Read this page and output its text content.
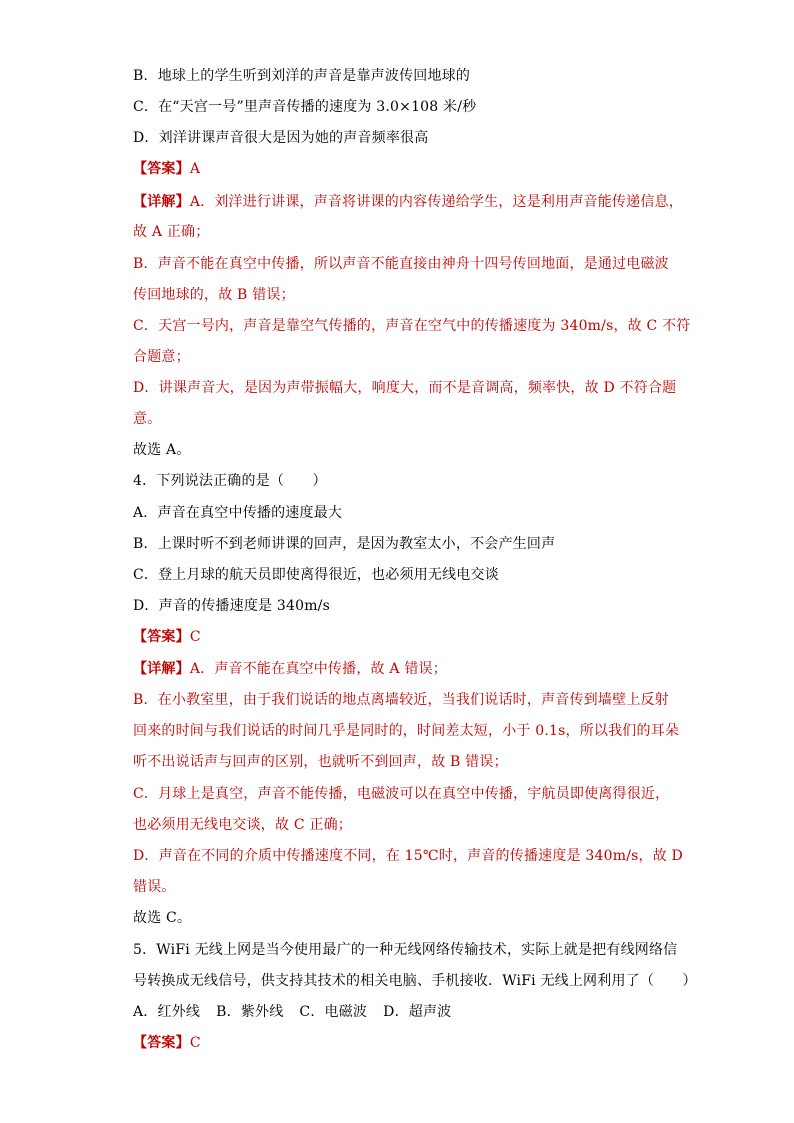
B．地球上的学生听到刘洋的声音是靠声波传回地球的
C．在“天宫一号”里声音传播的速度为 3.0×108 米/秒
D．刘洋讲课声音很大是因为她的声音频率很高
【答案】A
【详解】A．刘洋进行讲课，声音将讲课的内容传递给学生，这是利用声音能传递信息，
故 A 正确；
B．声音不能在真空中传播，所以声音不能直接由神舟十四号传回地面，是通过电磁波
传回地球的，故 B 错误；
C．天宫一号内，声音是靠空气传播的，声音在空气中的传播速度为 340m/s，故 C 不符
合题意；
D．讲课声音大，是因为声带振幅大，响度大，而不是音调高，频率快，故 D 不符合题
意。
故选 A。
4．下列说法正确的是（　　）
A．声音在真空中传播的速度最大
B．上课时听不到老师讲课的回声，是因为教室太小，不会产生回声
C．登上月球的航天员即使离得很近，也必须用无线电交谈
D．声音的传播速度是 340m/s
【答案】C
【详解】A．声音不能在真空中传播，故 A 错误；
B．在小教室里，由于我们说话的地点离墙较近，当我们说话时，声音传到墙壁上反射
回来的时间与我们说话的时间几乎是同时的，时间差太短，小于 0.1s，所以我们的耳朵
听不出说话声与回声的区别，也就听不到回声，故 B 错误；
C．月球上是真空，声音不能传播，电磁波可以在真空中传播，宇航员即使离得很近，
也必须用无线电交谈，故 C 正确；
D．声音在不同的介质中传播速度不同，在 15℃时，声音的传播速度是 340m/s，故 D
错误。
故选 C。
5．WiFi 无线上网是当今使用最广的一种无线网络传输技术，实际上就是把有线网络信
号转换成无线信号，供支持其技术的相关电脑、手机接收．WiFi 无线上网利用了（　　）
A．红外线 B．紫外线 C．电磁波 D．超声波
【答案】C
